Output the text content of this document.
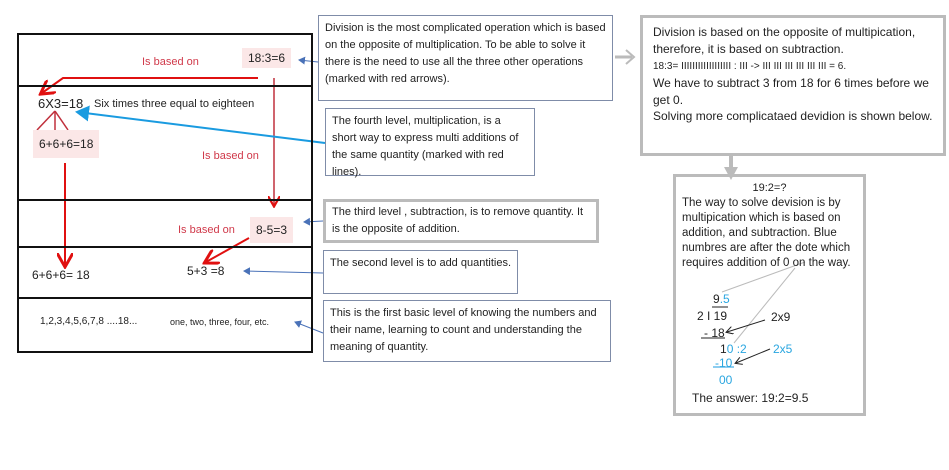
18:3=6
Is based on
6X3=18 Six times three equal to eighteen
6+6+6=18
Is based on
Is based on	8-5=3
6+6+6= 18	5+3 =8
1,2,3,4,5,6,7,8 ....18...	one, two, three, four, etc.
Division is the most complicated operation which is based on the opposite of multiplication. To be able to solve it there is the need to use all the three other operations (marked with red arrows).
The fourth level, multiplication, is a short way to express multi additions of the same quantity (marked with red lines).
The third level , subtraction, is to remove quantity. It is the opposite of addition.
The second level is to add quantities.
This is the first basic level of knowing the numbers and their name, learning to count and understanding the meaning of quantity.
Division is based on the opposite of multipication, therefore, it is based on subtraction.
18:3= IIIIIIIIIIIIIIIIII : III -> III III III III III III = 6.
We have to subtract 3 from 18 for 6 times before we get 0.
Solving more complicataed devidion is shown below.
19:2=?
The way to solve devision is by multipication which is based on addition, and subtraction. Blue numbres are after the dote which requires addition of 0 on the way.
9.5
2 I 19	2x9
- 18
10 :2 2x5
-10
00
The answer: 19:2=9.5
